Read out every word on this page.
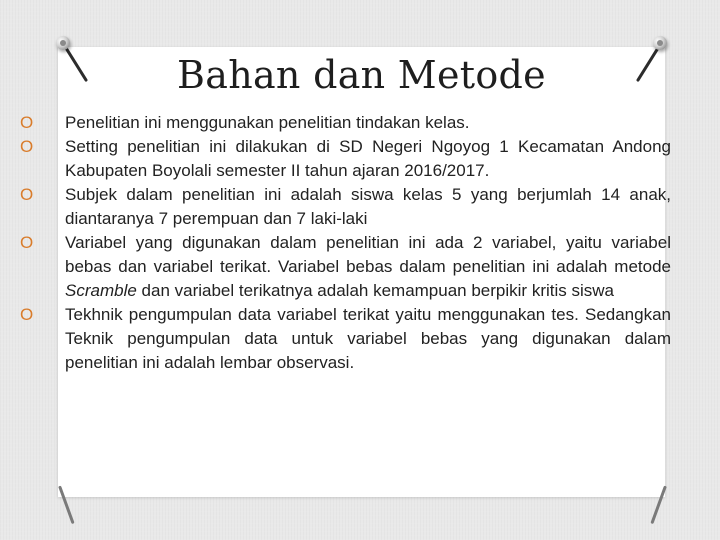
Bahan dan Metode
O Penelitian ini menggunakan penelitian tindakan kelas.
O Setting penelitian ini dilakukan di SD Negeri Ngoyog 1 Kecamatan Andong Kabupaten Boyolali semester II tahun ajaran 2016/2017.
O Subjek dalam penelitian ini adalah siswa kelas 5 yang berjumlah 14 anak, diantaranya 7 perempuan dan 7 laki-laki
O Variabel yang digunakan dalam penelitian ini ada 2 variabel, yaitu variabel bebas dan variabel terikat. Variabel bebas dalam penelitian ini adalah metode Scramble dan variabel terikatnya adalah kemampuan berpikir kritis siswa
O Tekhnik pengumpulan data variabel terikat yaitu menggunakan tes. Sedangkan Teknik pengumpulan data untuk variabel bebas yang digunakan dalam penelitian ini adalah lembar observasi.
